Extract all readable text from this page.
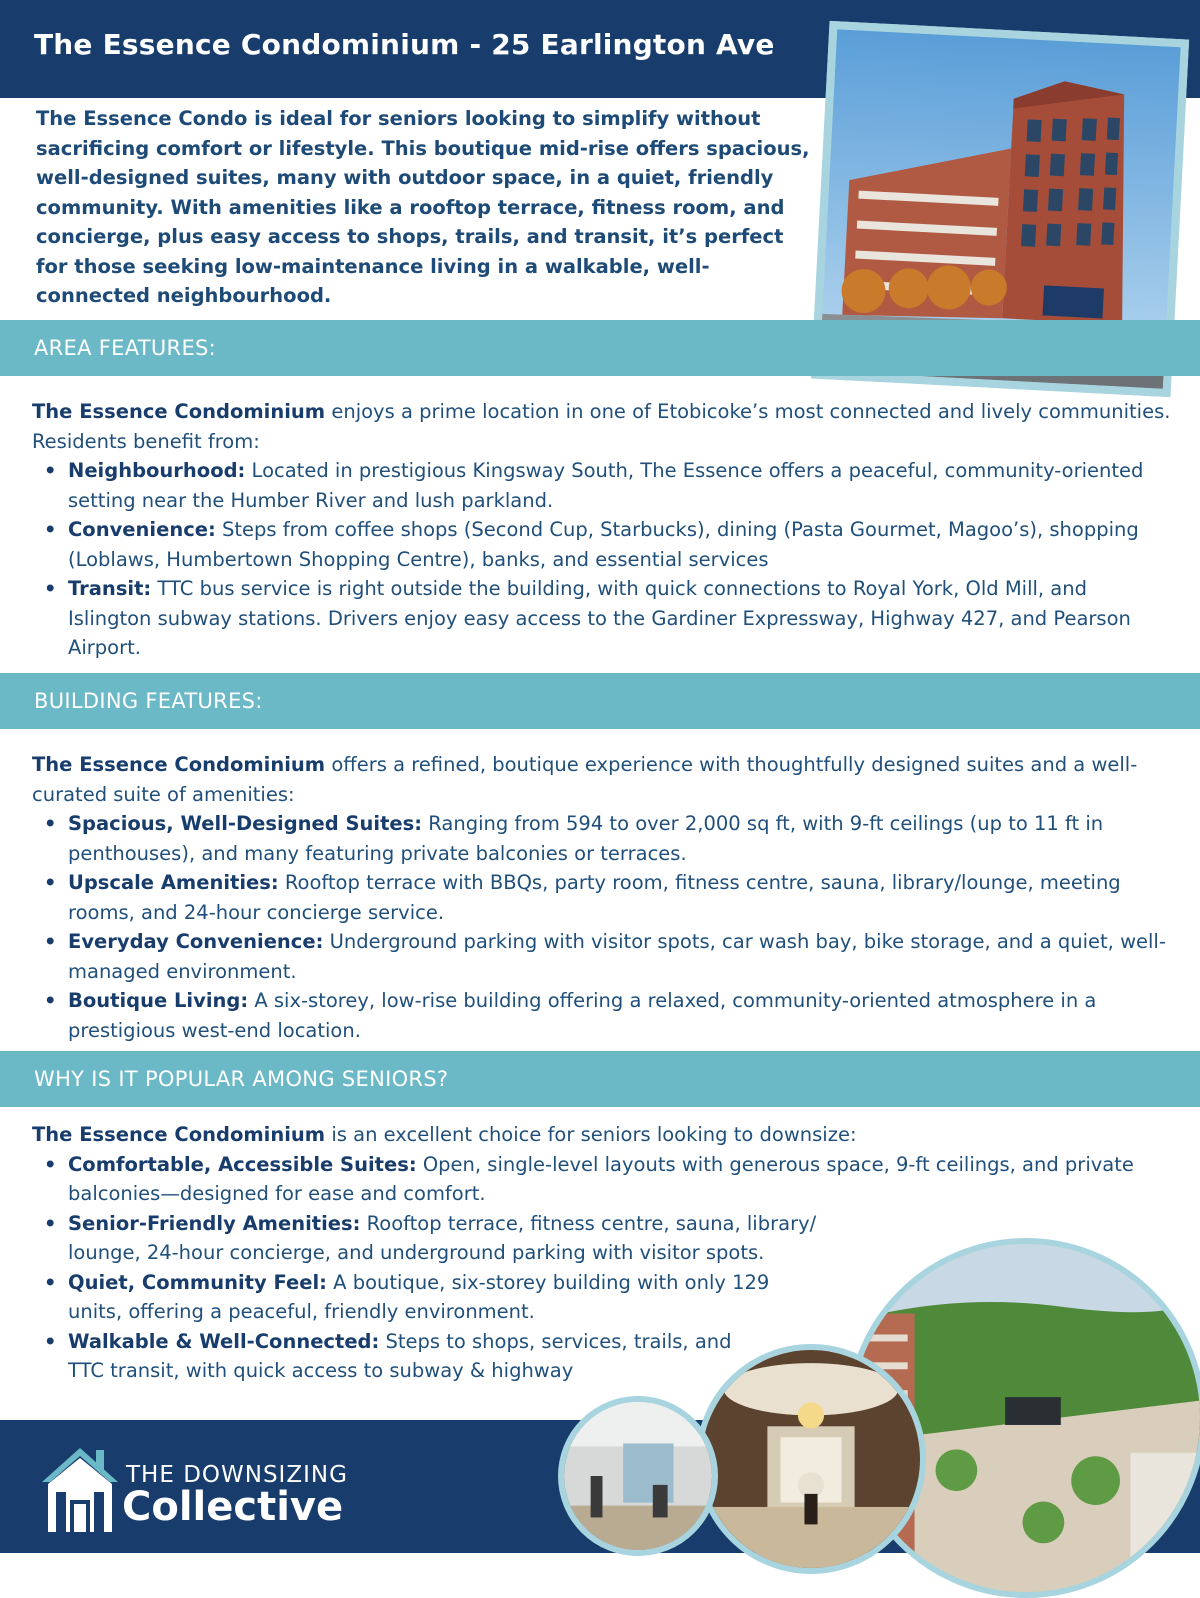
The Essence Condominium - 25 Earlington Ave

The Essence Condo is ideal for seniors looking to simplify without sacrificing comfort or lifestyle. This boutique mid-rise offers spacious, well-designed suites, many with outdoor space, in a quiet, friendly community. With amenities like a rooftop terrace, fitness room, and concierge, plus easy access to shops, trails, and transit, it’s perfect for those seeking low-maintenance living in a walkable, well-connected neighbourhood.

AREA FEATURES:

The Essence Condominium enjoys a prime location in one of Etobicoke’s most connected and lively communities. Residents benefit from:

• Neighbourhood: Located in prestigious Kingsway South, The Essence offers a peaceful, community-oriented setting near the Humber River and lush parkland.
• Convenience: Steps from coffee shops (Second Cup, Starbucks), dining (Pasta Gourmet, Magoo’s), shopping (Loblaws, Humbertown Shopping Centre), banks, and essential services
• Transit: TTC bus service is right outside the building, with quick connections to Royal York, Old Mill, and Islington subway stations. Drivers enjoy easy access to the Gardiner Expressway, Highway 427, and Pearson Airport.
BUILDING FEATURES:

The Essence Condominium offers a refined, boutique experience with thoughtfully designed suites and a well-curated suite of amenities:

• Spacious, Well-Designed Suites: Ranging from 594 to over 2,000 sq ft, with 9-ft ceilings (up to 11 ft in penthouses), and many featuring private balconies or terraces.
• Upscale Amenities: Rooftop terrace with BBQs, party room, fitness centre, sauna, library/lounge, meeting rooms, and 24-hour concierge service.
• Everyday Convenience: Underground parking with visitor spots, car wash bay, bike storage, and a quiet, well-managed environment.
• Boutique Living: A six-storey, low-rise building offering a relaxed, community-oriented atmosphere in a prestigious west-end location.
WHY IS IT POPULAR AMONG SENIORS?

The Essence Condominium is an excellent choice for seniors looking to downsize:

• Comfortable, Accessible Suites: Open, single-level layouts with generous space, 9-ft ceilings, and private balconies—designed for ease and comfort.
• Senior-Friendly Amenities: Rooftop terrace, fitness centre, sauna, library/ lounge, 24-hour concierge, and underground parking with visitor spots.
• Quiet, Community Feel: A boutique, six-storey building with only 129 units, offering a peaceful, friendly environment.
• Walkable & Well-Connected: Steps to shops, services, trails, and TTC transit, with quick access to subway & highway
THE DOWNSIZING
Collective
